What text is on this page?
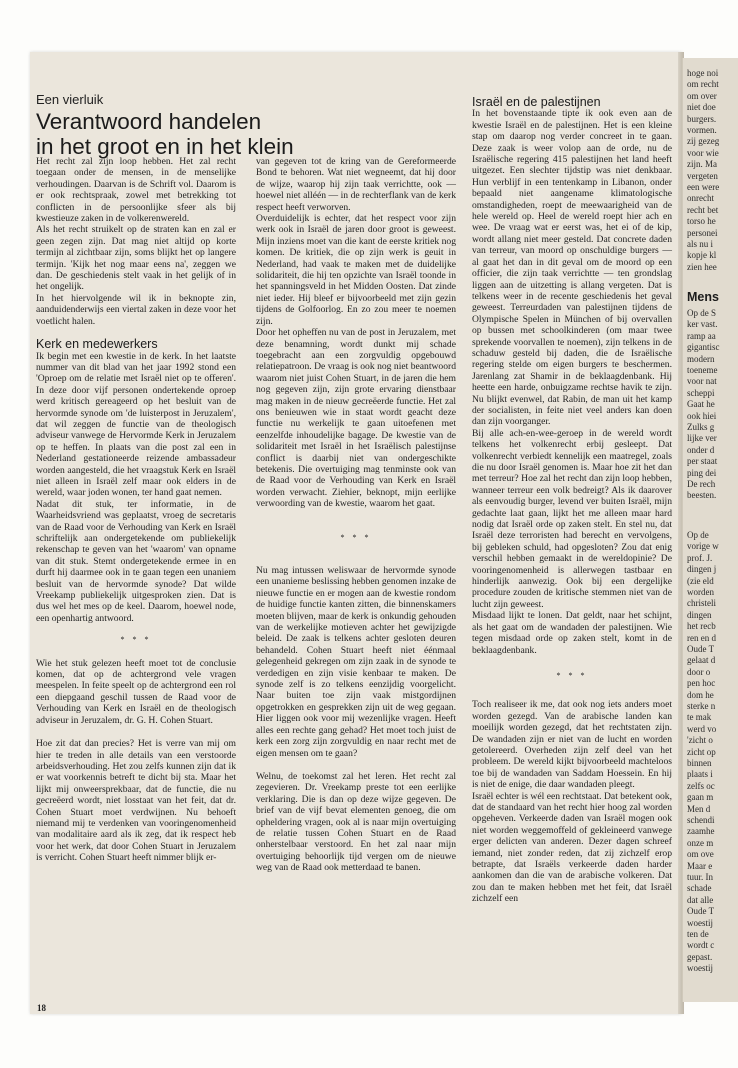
hoge noi
om recht
om over
niet doe
burgers.
vormen.
zij gezeg
voor wie
zijn. Ma
vergeten
een were
onrecht
recht bet
torso he
personei
als nu i
kopje kl
zien hee
Mens
Op de S
ker vast.
ramp aa
gigantisc
modern
toeneme
voor nat
scheppi
Gaat he
ook hiei
Zulks g
lijke ver
onder d
per staat
ping dei
De rech
beesten.
Op de
vorige w
prof. J.
dingen j
(zie eld
worden
christeli
dingen
het recb
ren en d
Oude T
gelaat d
door o
pen hoc
dom he
sterke n
te mak
werd vo
'zicht o
zicht op
binnen
plaats i
zelfs oc
gaan m
Men d
schendi
zaamhe
onze m
om ove
Maar e
tuur. In
schade
dat alle
Oude T
woestij
ten de
wordt c
gepast.
woestij

Een vierluik

Verantwoord handelen
in het groot en in het klein

Het recht zal zijn loop hebben. Het zal recht toegaan onder de mensen, in de menselijke verhoudingen. Daarvan is de Schrift vol. Daarom is er ook rechtspraak, zowel met betrekking tot conflicten in de persoonlijke sfeer als bij kwestieuze zaken in de volkerenwereld.

Als het recht struikelt op de straten kan en zal er geen zegen zijn. Dat mag niet altijd op korte termijn al zichtbaar zijn, soms blijkt het op langere termijn. 'Kijk het nog maar eens na', zeggen we dan. De geschiedenis stelt vaak in het gelijk of in het ongelijk.

In het hiervolgende wil ik in beknopte zin, aanduidenderwijs een viertal zaken in deze voor het voetlicht halen.

Kerk en medewerkers

Ik begin met een kwestie in de kerk. In het laatste nummer van dit blad van het jaar 1992 stond een 'Oproep om de relatie met Israël niet op te offeren'. In deze door vijf personen ondertekende oproep werd kritisch gereageerd op het besluit van de hervormde synode om 'de luisterpost in Jeruzalem', dat wil zeggen de functie van de theologisch adviseur vanwege de Hervormde Kerk in Jeruzalem op te heffen. In plaats van die post zal een in Nederland gestationeerde reizende ambassadeur worden aangesteld, die het vraagstuk Kerk en Israël niet alleen in Israël zelf maar ook elders in de wereld, waar joden wonen, ter hand gaat nemen.

Nadat dit stuk, ter informatie, in de Waarheidsvriend was geplaatst, vroeg de secretaris van de Raad voor de Verhouding van Kerk en Israël schriftelijk aan ondergetekende om publiekelijk rekenschap te geven van het 'waarom' van opname van dit stuk. Stemt ondergetekende ermee in en durft hij daarmee ook in te gaan tegen een unaniem besluit van de hervormde synode? Dat wilde Vreekamp publiekelijk uitgesproken zien. Dat is dus wel het mes op de keel. Daarom, hoewel node, een openhartig antwoord.

* * *

Wie het stuk gelezen heeft moet tot de conclusie komen, dat op de achtergrond vele vragen meespelen. In feite speelt op de achtergrond een rol een diepgaand geschil tussen de Raad voor de Verhouding van Kerk en Israël en de theologisch adviseur in Jeruzalem, dr. G. H. Cohen Stuart.

Hoe zit dat dan precies? Het is verre van mij om hier te treden in alle details van een verstoorde arbeidsverhouding. Het zou zelfs kunnen zijn dat ik er wat voorkennis betreft te dicht bij sta. Maar het lijkt mij onweersprekbaar, dat de functie, die nu gecreëerd wordt, niet losstaat van het feit, dat dr. Cohen Stuart moet verdwijnen. Nu behoeft niemand mij te verdenken van vooringenomenheid van modalitaire aard als ik zeg, dat ik respect heb voor het werk, dat door Cohen Stuart in Jeruzalem is verricht. Cohen Stuart heeft nimmer blijk er-

van gegeven tot de kring van de Gereformeerde Bond te behoren. Wat niet wegneemt, dat hij door de wijze, waarop hij zijn taak verrichtte, ook — hoewel niet alléén — in de rechterflank van de kerk respect heeft verworven.

Overduidelijk is echter, dat het respect voor zijn werk ook in Israël de jaren door groot is geweest. Mijn inziens moet van die kant de eerste kritiek nog komen. De kritiek, die op zijn werk is geuit in Nederland, had vaak te maken met de duidelijke solidariteit, die hij ten opzichte van Israël toonde in het spanningsveld in het Midden Oosten. Dat zinde niet ieder. Hij bleef er bijvoorbeeld met zijn gezin tijdens de Golfoorlog. En zo zou meer te noemen zijn.

Door het opheffen nu van de post in Jeruzalem, met deze benamning, wordt dunkt mij schade toegebracht aan een zorgvuldig opgebouwd relatiepatroon. De vraag is ook nog niet beantwoord waarom niet juist Cohen Stuart, in de jaren die hem nog gegeven zijn, zijn grote ervaring dienstbaar mag maken in de nieuw gecreëerde functie. Het zal ons benieuwen wie in staat wordt geacht deze functie nu werkelijk te gaan uitoefenen met eenzelfde inhoudelijke bagage. De kwestie van de solidariteit met Israël in het Israëlisch palestijnse conflict is daarbij niet van ondergeschikte betekenis. Die overtuiging mag tenminste ook van de Raad voor de Verhouding van Kerk en Israël worden verwacht. Ziehier, beknopt, mijn eerlijke verwoording van de kwestie, waarom het gaat.

* * *

Nu mag intussen weliswaar de hervormde synode een unanieme beslissing hebben genomen inzake de nieuwe functie en er mogen aan de kwestie rondom de huidige functie kanten zitten, die binnenskamers moeten blijven, maar de kerk is onkundig gehouden van de werkelijke motieven achter het gewijzigde beleid. De zaak is telkens achter gesloten deuren behandeld. Cohen Stuart heeft niet éénmaal gelegenheid gekregen om zijn zaak in de synode te verdedigen en zijn visie kenbaar te maken. De synode zelf is zo telkens eenzijdig voorgelicht. Naar buiten toe zijn vaak mistgordijnen opgetrokken en gesprekken zijn uit de weg gegaan. Hier liggen ook voor mij wezenlijke vragen. Heeft alles een rechte gang gehad? Het moet toch juist de kerk een zorg zijn zorgvuldig en naar recht met de eigen mensen om te gaan?

Welnu, de toekomst zal het leren. Het recht zal zegevieren. Dr. Vreekamp preste tot een eerlijke verklaring. Die is dan op deze wijze gegeven. De brief van de vijf bevat elementen genoeg, die om opheldering vragen, ook al is naar mijn overtuiging de relatie tussen Cohen Stuart en de Raad onherstelbaar verstoord. En het zal naar mijn overtuiging behoorlijk tijd vergen om de nieuwe weg van de Raad ook metterdaad te banen.

Israël en de palestijnen

In het bovenstaande tipte ik ook even aan de kwestie Israël en de palestijnen. Het is een kleine stap om daarop nog verder concreet in te gaan. Deze zaak is weer volop aan de orde, nu de Israëlische regering 415 palestijnen het land heeft uitgezet. Een slechter tijdstip was niet denkbaar. Hun verblijf in een tentenkamp in Libanon, onder bepaald niet aangename klimatologische omstandigheden, roept de meewaarigheid van de hele wereld op. Heel de wereld roept hier ach en wee. De vraag wat er eerst was, het ei of de kip, wordt allang niet meer gesteld. Dat concrete daden van terreur, van moord op onschuldige burgers — al gaat het dan in dit geval om de moord op een officier, die zijn taak verrichtte — ten grondslag liggen aan de uitzetting is allang vergeten. Dat is telkens weer in de recente geschiedenis het geval geweest. Terreurdaden van palestijnen tijdens de Olympische Spelen in München of bij overvallen op bussen met schoolkinderen (om maar twee sprekende voorvallen te noemen), zijn telkens in de schaduw gesteld bij daden, die de Israëlische regering stelde om eigen burgers te beschermen. Jarenlang zat Shamir in de beklaagdenbank. Hij heette een harde, onbuigzame rechtse havik te zijn. Nu blijkt evenwel, dat Rabin, de man uit het kamp der socialisten, in feite niet veel anders kan doen dan zijn voorganger.

Bij alle ach-en-wee-geroep in de wereld wordt telkens het volkenrecht erbij gesleept. Dat volkenrecht verbiedt kennelijk een maatregel, zoals die nu door Israël genomen is. Maar hoe zit het dan met terreur? Hoe zal het recht dan zijn loop hebben, wanneer terreur een volk bedreigt? Als ik daarover als eenvoudig burger, levend ver buiten Israël, mijn gedachte laat gaan, lijkt het me alleen maar hard nodig dat Israël orde op zaken stelt. En stel nu, dat Israël deze terroristen had berecht en vervolgens, bij gebleken schuld, had opgesloten? Zou dat enig verschil hebben gemaakt in de wereldopinie? De vooringenomenheid is allerwegen tastbaar en hinderlijk aanwezig. Ook bij een dergelijke procedure zouden de kritische stemmen niet van de lucht zijn geweest.

Misdaad lijkt te lonen. Dat geldt, naar het schijnt, als het gaat om de wandaden der palestijnen. Wie tegen misdaad orde op zaken stelt, komt in de beklaagdenbank.

* * *

Toch realiseer ik me, dat ook nog iets anders moet worden gezegd. Van de arabische landen kan moeilijk worden gezegd, dat het rechtstaten zijn. De wandaden zijn er niet van de lucht en worden getolereerd. Overheden zijn zelf deel van het probleem. De wereld kijkt bijvoorbeeld machteloos toe bij de wandaden van Saddam Hoessein. En hij is niet de enige, die daar wandaden pleegt.

Israël echter is wél een rechtstaat. Dat betekent ook, dat de standaard van het recht hier hoog zal worden opgeheven. Verkeerde daden van Israël mogen ook niet worden weggemoffeld of gekleineerd vanwege erger delicten van anderen. Dezer dagen schreef iemand, niet zonder reden, dat zij zichzelf erop betrapte, dat Israëls verkeerde daden harder aankomen dan die van de arabische volkeren. Dat zou dan te maken hebben met het feit, dat Israël zichzelf een

18
